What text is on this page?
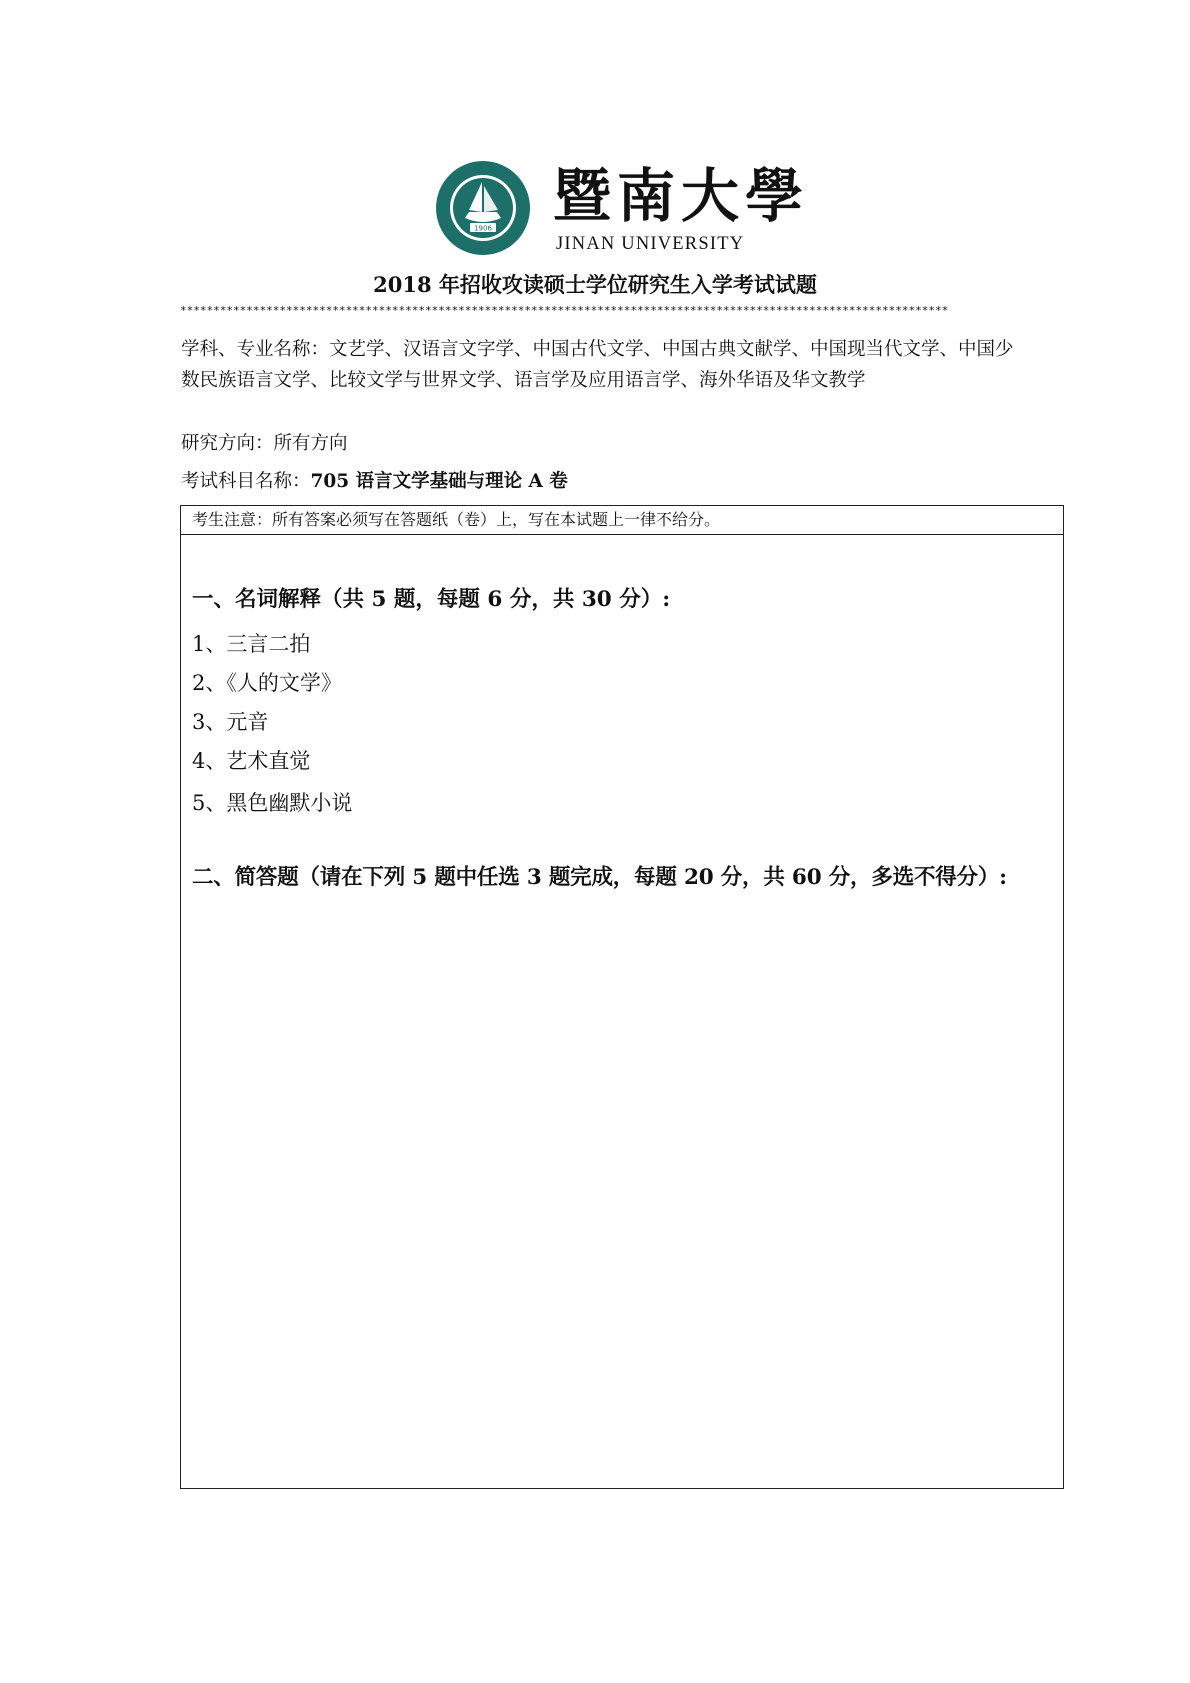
1906 暨南大學
JINAN UNIVERSITY
2018 年招收攻读硕士学位研究生入学考试试题
********************************************************************************************************************
学科、专业名称：文艺学、汉语言文字学、中国古代文学、中国古典文献学、中国现当代文学、中国少数民族语言文学、比较文学与世界文学、语言学及应用语言学、海外华语及华文教学
研究方向：所有方向
考试科目名称：705 语言文学基础与理论 A 卷
考生注意：所有答案必须写在答题纸（卷）上，写在本试题上一律不给分。
一、名词解释（共 5 题，每题 6 分，共 30 分）:
1、三言二拍
2、《人的文学》
3、元音
4、艺术直觉
5、黑色幽默小说
二、简答题（请在下列 5 题中任选 3 题完成，每题 20 分，共 60 分，多选不得分）:
